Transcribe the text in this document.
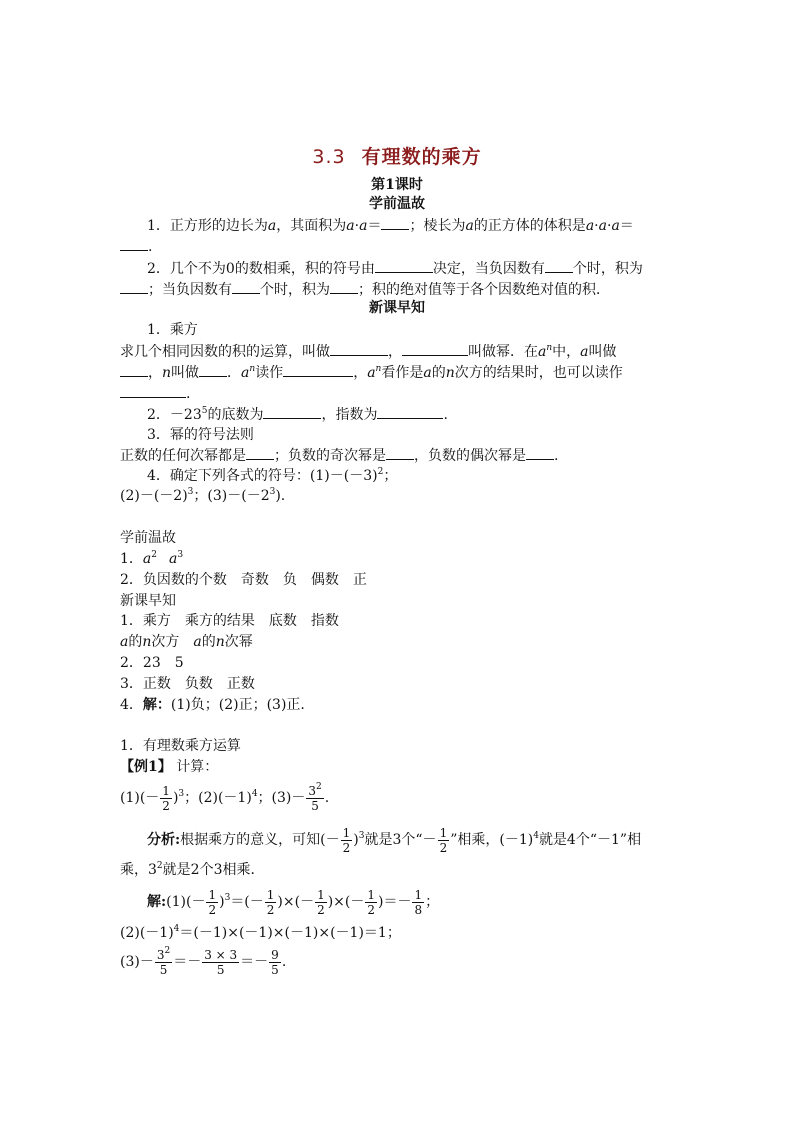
3.3 有理数的乘方
第1课时
学前温故
1．正方形的边长为a，其面积为a·a＝ ；棱长为a的正方体的体积是a·a·a＝
.
2．几个不为0的数相乘，积的符号由	决定，当负因数有 个时，积为
；当负因数有 个时，积为 ；积的绝对值等于各个因数绝对值的积．
新课早知
1．乘方
求几个相同因数的积的运算，叫做	，	叫做幂．在$a^n$中，a叫做
，n叫做 ．$a^n$读作	，$a^n$看作是a的n次方的结果时，也可以读作
.
2．$-23^5$的底数为	，指数为	.
3．幂的符号法则
正数的任何次幂都是 ；负数的奇次幂是 ，负数的偶次幂是 .
4．确定下列各式的符号：$(1)-(-3)^2$；
$(2)-(-2)^3$；$(3)-(-2^3)$.
学前温故
1．$a^2$ $a^3$
2．负因数的个数　奇数　负　偶数　正
新课早知
1．乘方　乘方的结果　底数　指数
a的n次方　a的n次幂
2．23　5
3．正数　负数　正数
4．解：(1)负；(2)正；(3)正.
1．有理数乘方运算
【例1】 计算：
$(1)(- \frac{1}{2} )^3$；$(2)(-1)^4$；$(3)- \frac{3^2}{5}$ .
分析:根据乘方的意义，可知(－ $\frac{1}{2} )^3$就是3个“－ $\frac{1}{2}$ ”相乘，$(-1)^4$就是4个“－1”相
乘，$3^2$就是2个3相乘．
解:(1)(－ $\frac{1}{2} )^3=(- \frac{1}{2}$ )×(－ $\frac{1}{2}$ )×(－ $\frac{1}{2}$ )＝－ $\frac{1}{8}$ ；
$(2)(-1)^4=(-1)\times(-1)\times(-1)\times(-1)=1$；
$(3)- \frac{3^2}{5} =- \frac{3 \times 3}{5} =- \frac{9}{5}$ .
